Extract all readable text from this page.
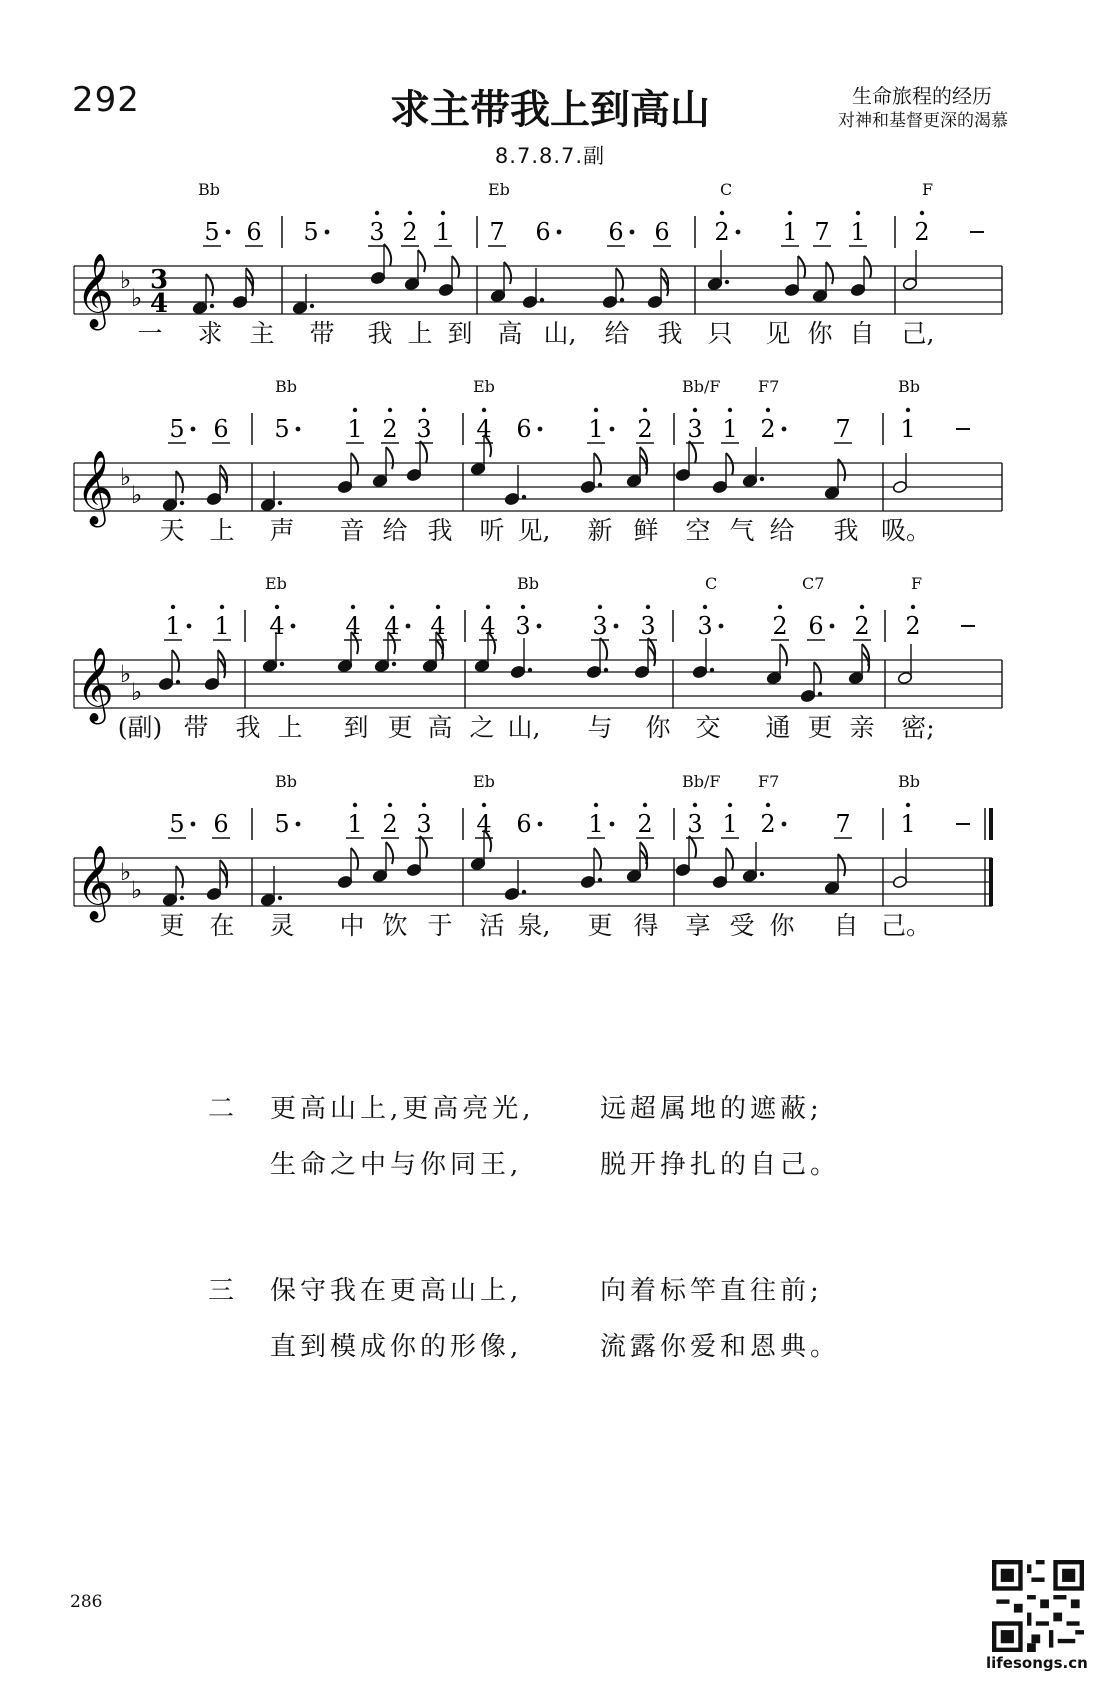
292	求主带我上到高山
8.7.8.7.副
生命旅程的经历
对神和基督更深的渴慕
Bb	Eb	C	F
5 6 5 3 2 1 7 6 6 6 2 1 7 1 2
𝄞 ♭
♭
3
4
一 求 主 带 我 上 到 高 山, 给 我 只 见 你 自 己,
Bb	Eb	Bb/F F7	Bb
5 6 5 1 2 3 4 6 1 2 3 1 2 7 1
𝄞 ♭
♭
天 上 声 音 给 我 听 见, 新 鲜 空 气 给 我 吸。
Eb	Bb	C	C7	F
1 1 4	4 4 4 4 3	3 3 3 2 6 2 2
𝄞 ♭
♭
(副) 带 我 上 到 更 高 之 山, 与 你 交 通 更 亲 密;
Bb	Eb	Bb/F F7	Bb
5 6 5 1 2 3 4 6 1 2 3 1 2 7 1
𝄞 ♭
♭
更 在 灵 中 饮 于 活 泉, 更 得 享 受 你 自 己。
二	更高山上,更高亮光,	远超属地的遮蔽;
生命之中与你同王,	脱开挣扎的自己。
三	保守我在更高山上,	向着标竿直往前;
直到模成你的形像,	流露你爱和恩典。
286
lifesongs.cn
